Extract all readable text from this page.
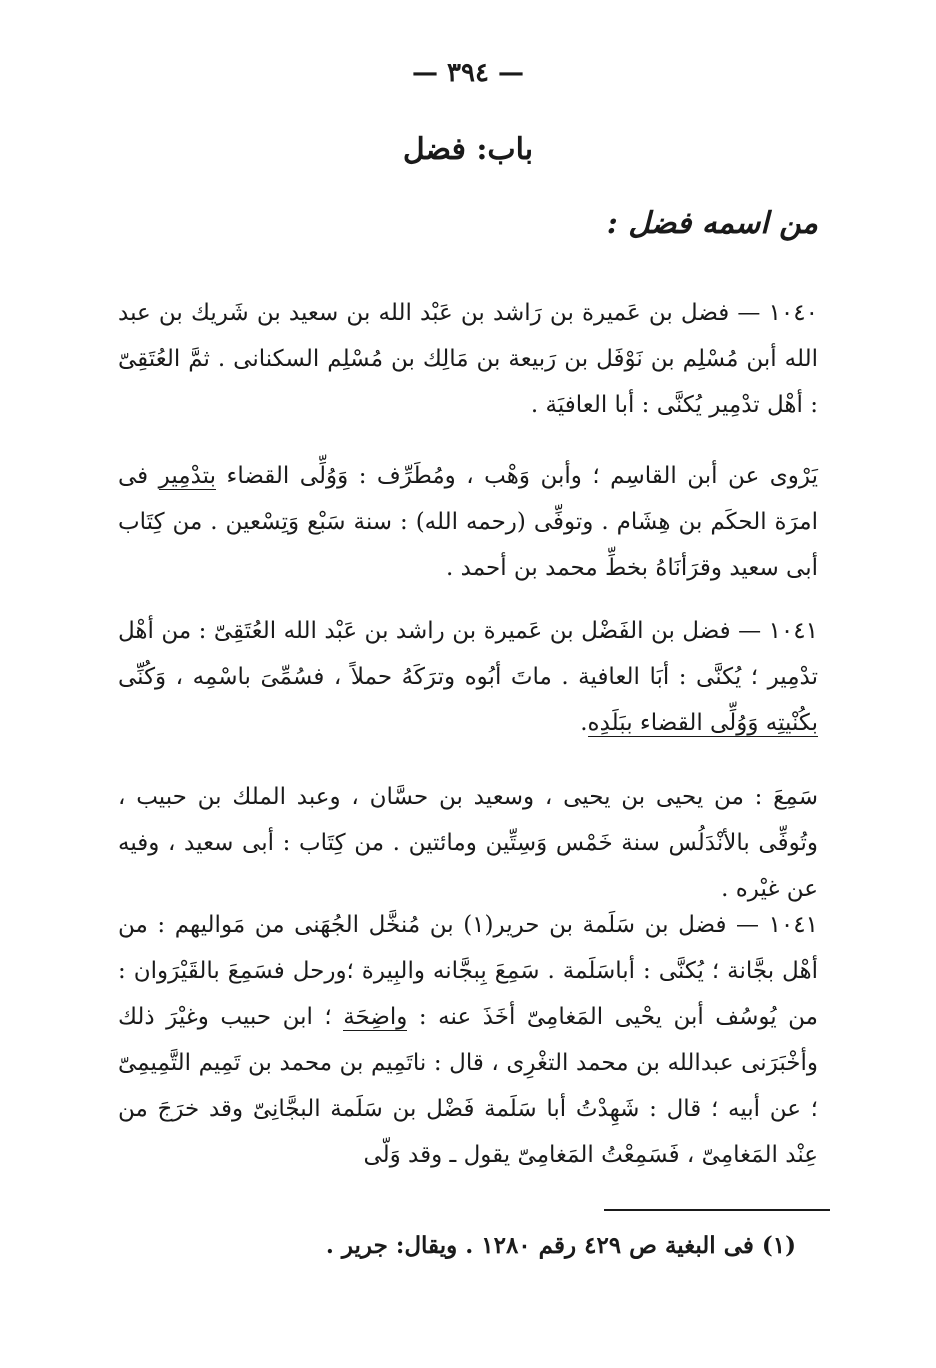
— ٣٩٤ —
باب: فضل
من اسمه فضل :

١٠٤٠ — فضل بن عَميرة بن رَاشد بن عَبْد الله بن سعيد بن شَريك بن عبد الله أبن مُسْلِم بن نَوْفَل بن رَبيعة بن مَالِك بن مُسْلِم السكنانى . ثمَّ العُتَقِىّ : أهْل تدْمِير يُكنَّى : أبا العافيَة .

يَرْوى عن أبن القاسِم ؛ وأبن وَهْب ، ومُطَرِّف : وَوُلِّى القضاء بتدْمِير فى امرَة الحكَم بن هِشَام . وتوفِّى (رحمه الله) : سنة سَبْع وَتِسْعين . من كِتَاب أبى سعيد وقرَأنَاهُ بخطِّ محمد بن أحمد .

١٠٤١ — فضل بن الفَضْل بن عَميرة بن راشد بن عَبْد الله العُتَقِىّ : من أهْل تدْمِير ؛ يُكنَّى : أبَا العافية . ماتَ أبُوه وترَكَهُ حملاً ، فسُمِّىَ باسْمِه ، وَكُنِّى بكُنْيتِه وَوُلِّى القضاء ببَلَدِه.

سَمِعَ : من يحيى بن يحيى ، وسعيد بن حسَّان ، وعبد الملك بن حبيب ، وتُوفِّى بالأنْدَلُس سنة خَمْس وَسِتِّين ومائتين . من كِتَاب : أبى سعيد ، وفيه عن غيْره .

١٠٤١ — فضل بن سَلَمة بن حرير(١) بن مُنخَّل الجُهَنى من مَواليهم : من أهْل بجَّانة ؛ يُكنَّى : أباسَلَمة . سَمِعَ بِبجَّانه والبِيرة ؛ورحل فسَمِعَ بالقَيْرَوان : من يُوسُف أبن يحْيى المَغامِىّ أخَذَ عنه : واضِحَة ؛ ابن حبيب وغيْرَ ذلك وأخْبَرَنى عبدالله بن محمد التغْرِى ، قال : ناتَمِيم بن محمد بن تَمِيم التَّمِيمِىّ ؛ عن أبيه ؛ قال : شَهِدْتُ أبا سَلَمة فَضْل بن سَلَمة البجَّانِىّ وقد خرَجَ من عِنْد المَغامِىّ ، فَسَمِعْتُ المَغامِىّ يقول ـ وقد وَلّى

(١) فى البغية ص ٤٢٩ رقم ١٢٨٠ . ويقال: جرير .
